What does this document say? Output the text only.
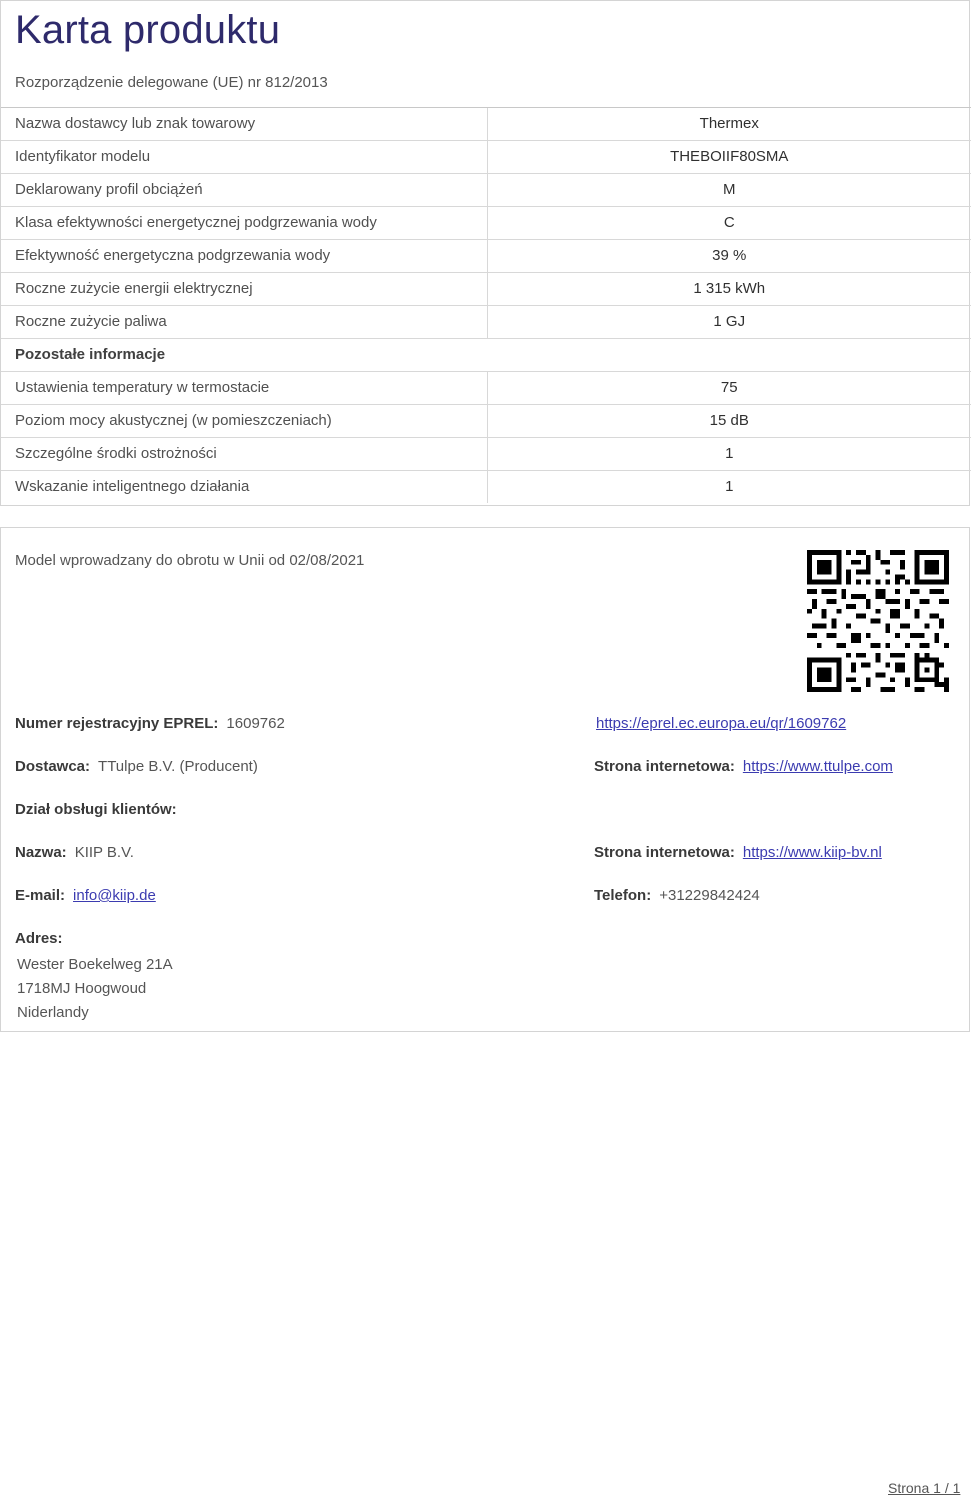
Karta produktu
Rozporządzenie delegowane (UE) nr 812/2013
Nazwa dostawcy lub znak towarowy	Thermex
Identyfikator modelu	THEBOIIF80SMA
Deklarowany profil obciążeń	M
Klasa efektywności energetycznej podgrzewania wody	C
Efektywność energetyczna podgrzewania wody	39 %
Roczne zużycie energii elektrycznej	1 315 kWh
Roczne zużycie paliwa	1 GJ
Pozostałe informacje	
Ustawienia temperatury w termostacie	75
Poziom mocy akustycznej (w pomieszczeniach)	15 dB
Szczególne środki ostrożności	1
Wskazanie inteligentnego działania	1
Model wprowadzany do obrotu w Unii od 02/08/2021
Numer rejestracyjny EPREL: 1609762	https://eprel.ec.europa.eu/qr/1609762
Dostawca: TTulpe B.V. (Producent)	Strona internetowa: https://www.ttulpe.com
Dział obsługi klientów:
Nazwa: KIIP B.V.	Strona internetowa: https://www.kiip-bv.nl
E-mail: info@kiip.de	Telefon: +31229842424
Adres:
Wester Boekelweg 21A
1718MJ Hoogwoud
Niderlandy
Strona 1 / 1
